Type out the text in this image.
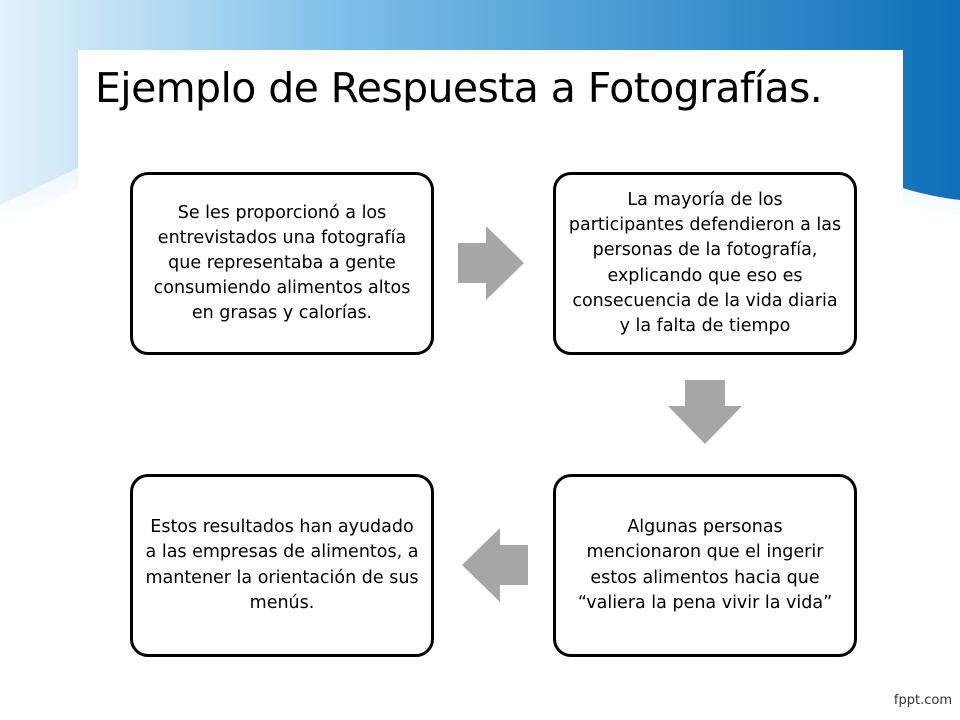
Ejemplo de Respuesta a Fotografías.
Se les proporcionó a los entrevistados una fotografía que representaba a gente consumiendo alimentos altos en grasas y calorías.
La mayoría de los participantes defendieron a las personas de la fotografía, explicando que eso es consecuencia de la vida diaria y la falta de tiempo
Algunas personas mencionaron que el ingerir estos alimentos hacia que “valiera la pena vivir la vida”
Estos resultados han ayudado a las empresas de alimentos, a mantener la orientación de sus menús.
fppt.com
